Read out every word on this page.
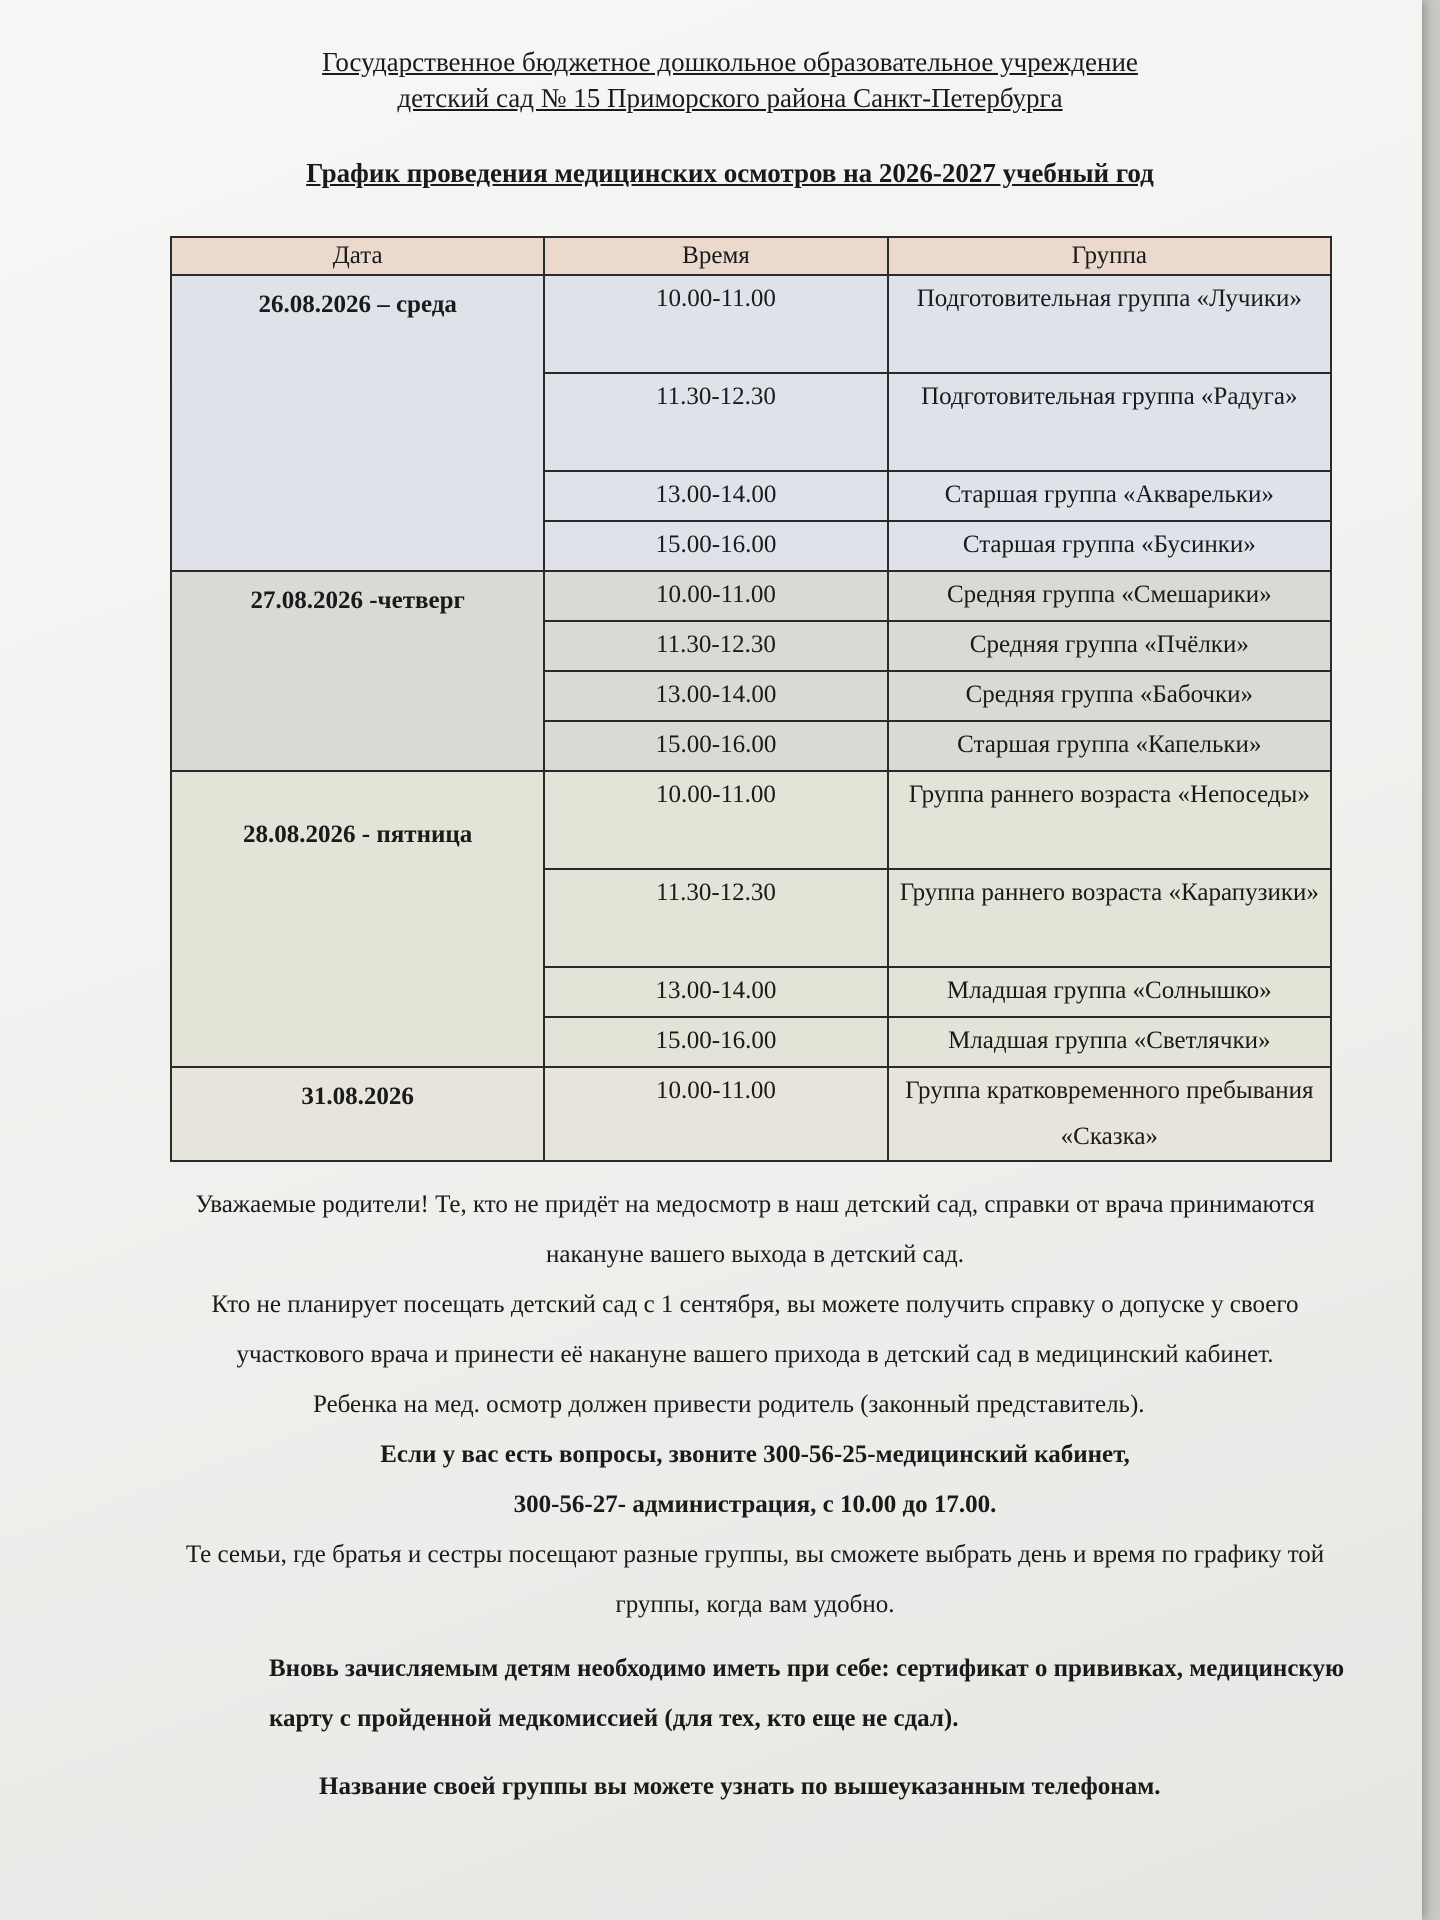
Государственное бюджетное дошкольное образовательное учреждение
детский сад № 15 Приморского района Санкт-Петербурга
График проведения медицинских осмотров на 2026-2027 учебный год
Дата	Время	Группа
26.08.2026 – среда	10.00-11.00	Подготовительная группа «Лучики»
	11.30-12.30	Подготовительная группа «Радуга»
	13.00-14.00	Старшая группа «Акварельки»
	15.00-16.00	Старшая группа «Бусинки»
27.08.2026 -четверг	10.00-11.00	Средняя группа «Смешарики»
	11.30-12.30	Средняя группа «Пчёлки»
	13.00-14.00	Средняя группа «Бабочки»
	15.00-16.00	Старшая группа «Капельки»
28.08.2026 - пятница	10.00-11.00	Группа раннего возраста «Непоседы»
	11.30-12.30	Группа раннего возраста «Карапузики»
	13.00-14.00	Младшая группа «Солнышко»
	15.00-16.00	Младшая группа «Светлячки»
31.08.2026	10.00-11.00	Группа кратковременного пребывания «Сказка»

Уважаемые родители! Те, кто не придёт на медосмотр в наш детский сад, справки от врача принимаются накануне вашего выхода в детский сад.

Кто не планирует посещать детский сад с 1 сентября, вы можете получить справку о допуске у своего участкового врача и принести её накануне вашего прихода в детский сад в медицинский кабинет.

Ребенка на мед. осмотр должен привести родитель (законный представитель).

Если у вас есть вопросы, звоните 300-56-25-медицинский кабинет,

300-56-27- администрация, с 10.00 до 17.00.

Те семьи, где братья и сестры посещают разные группы, вы сможете выбрать день и время по графику той группы, когда вам удобно.

Вновь зачисляемым детям необходимо иметь при себе: сертификат о прививках, медицинскую карту с пройденной медкомиссией (для тех, кто еще не сдал).

Название своей группы вы можете узнать по вышеуказанным телефонам.
